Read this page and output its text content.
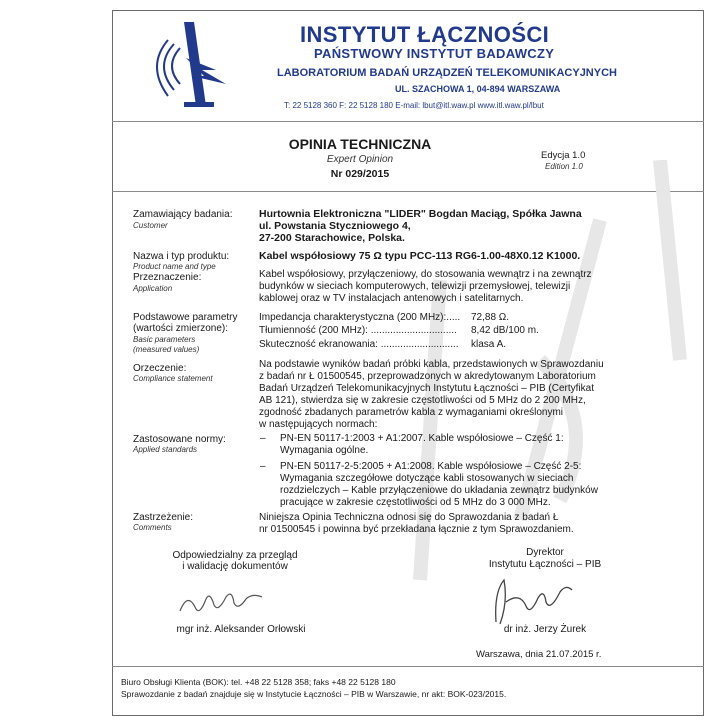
INSTYTUT ŁĄCZNOŚCI
PAŃSTWOWY INSTYTUT BADAWCZY
LABORATORIUM BADAŃ URZĄDZEŃ TELEKOMUNIKACYJNYCH
UL. SZACHOWA 1, 04-894 WARSZAWA
T: 22 5128 360 F: 22 5128 180 E-mail: lbut@itl.waw.pl www.itl.waw.pl/lbut
OPINIA TECHNICZNA
Expert Opinion
Nr 029/2015
Edycja 1.0
Edition 1.0
Zamawiający badania:
Customer
Hurtownia Elektroniczna "LIDER" Bogdan Maciąg, Spółka Jawna
ul. Powstania Styczniowego 4,
27-200 Starachowice, Polska.
Nazwa i typ produktu:
Product name and type
Kabel współosiowy 75 Ω typu PCC-113 RG6-1.00-48X0.12 K1000.
Przeznaczenie:
Application
Kabel współosiowy, przyłączeniowy, do stosowania wewnątrz i na zewnątrz
budynków w sieciach komputerowych, telewizji przemysłowej, telewizji
kablowej oraz w TV instalacjach antenowych i satelitarnych.
Podstawowe parametry
(wartości zmierzone):
Basic parameters
(measured values)
Impedancja charakterystyczna (200 MHz):..... 72,88 Ω.
Tłumienność (200 MHz): ............................... 8,42 dB/100 m.
Skuteczność ekranowania: ............................ klasa A.
Orzeczenie:
Compliance statement
Na podstawie wyników badań próbki kabla, przedstawionych w Sprawozdaniu
z badań nr Ł 01500545, przeprowadzonych w akredytowanym Laboratorium
Badań Urządzeń Telekomunikacyjnych Instytutu Łączności – PIB (Certyfikat
AB 121), stwierdza się w zakresie częstotliwości od 5 MHz do 2 200 MHz,
zgodność zbadanych parametrów kabla z wymaganiami określonymi
w następujących normach:
Zastosowane normy:
Applied standards
– PN-EN 50117-1:2003 + A1:2007. Kable współosiowe – Część 1:
Wymagania ogólne.
– PN-EN 50117-2-5:2005 + A1:2008. Kable współosiowe – Część 2-5:
Wymagania szczegółowe dotyczące kabli stosowanych w sieciach
rozdzielczych – Kable przyłączeniowe do układania zewnątrz budynków
pracujące w zakresie częstotliwości od 5 MHz do 3 000 MHz.
Zastrzeżenie:
Comments
Niniejsza Opinia Techniczna odnosi się do Sprawozdania z badań Ł
nr 01500545 i powinna być przekładana łącznie z tym Sprawozdaniem.
Odpowiedzialny za przegląd
i walidację dokumentów
mgr inż. Aleksander Orłowski
Dyrektor
Instytutu Łączności – PIB
dr inż. Jerzy Żurek
Warszawa, dnia 21.07.2015 r.
Biuro Obsługi Klienta (BOK): tel. +48 22 5128 358; faks +48 22 5128 180
Sprawozdanie z badań znajduje się w Instytucie Łączności – PIB w Warszawie, nr akt: BOK-023/2015.
